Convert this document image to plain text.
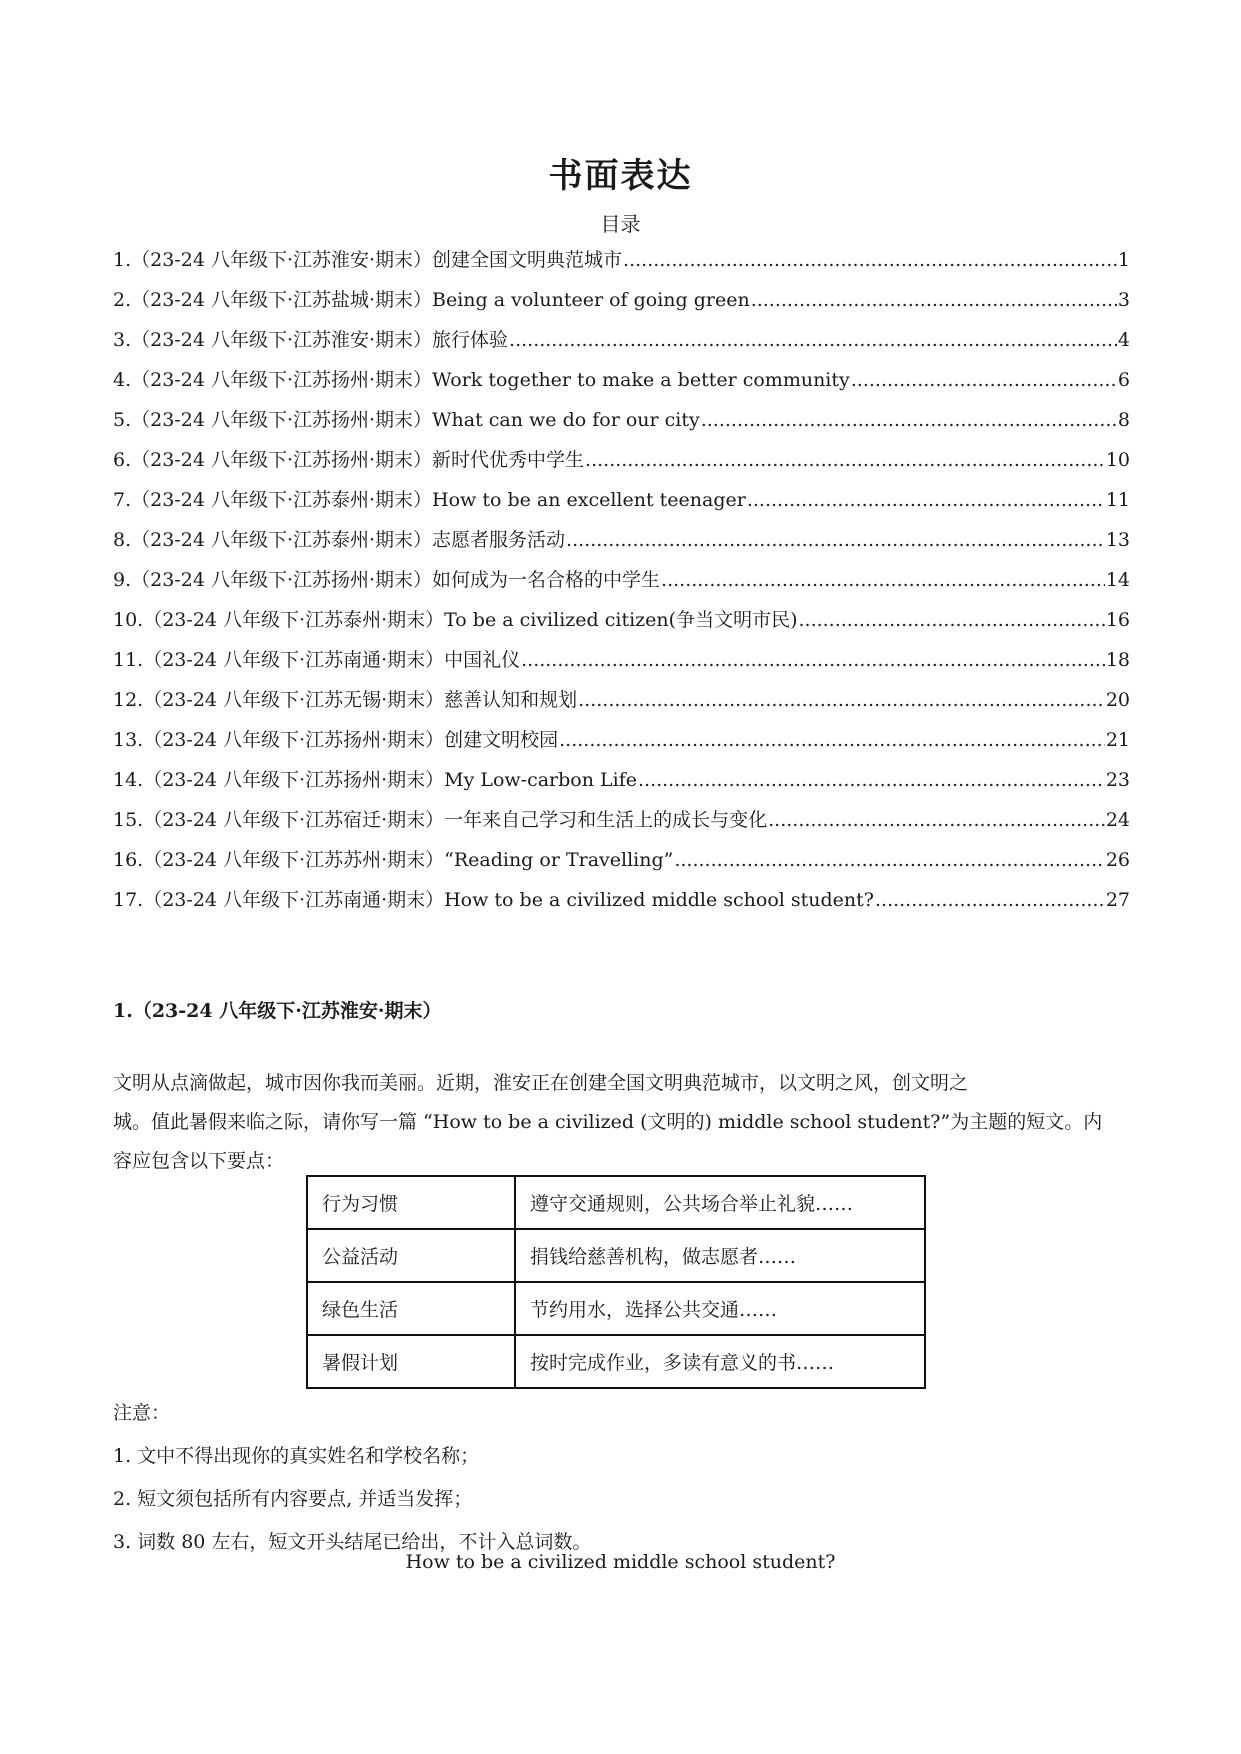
书面表达
目录
1.（23-24 八年级下·江苏淮安·期末）创建全国文明典范城市 .....	1
2.（23-24 八年级下·江苏盐城·期末）Being a volunteer of going green .....	3
3.（23-24 八年级下·江苏淮安·期末）旅行体验 .....	4
4.（23-24 八年级下·江苏扬州·期末）Work together to make a better community .....	6
5.（23-24 八年级下·江苏扬州·期末）What can we do for our city .....	8
6.（23-24 八年级下·江苏扬州·期末）新时代优秀中学生 .....	10
7.（23-24 八年级下·江苏泰州·期末）How to be an excellent teenager .....	11
8.（23-24 八年级下·江苏泰州·期末）志愿者服务活动 .....	13
9.（23-24 八年级下·江苏扬州·期末）如何成为一名合格的中学生 .....	14
10.（23-24 八年级下·江苏泰州·期末）To be a civilized citizen(争当文明市民) .....	16
11.（23-24 八年级下·江苏南通·期末）中国礼仪 .....	18
12.（23-24 八年级下·江苏无锡·期末）慈善认知和规划 .....	20
13.（23-24 八年级下·江苏扬州·期末）创建文明校园 .....	21
14.（23-24 八年级下·江苏扬州·期末）My Low-carbon Life .....	23
15.（23-24 八年级下·江苏宿迁·期末）一年来自己学习和生活上的成长与变化 .....	24
16.（23-24 八年级下·江苏苏州·期末）“Reading or Travelling” .....	26
17.（23-24 八年级下·江苏南通·期末）How to be a civilized middle school student? .....	27
1.（23-24 八年级下·江苏淮安·期末）
文明从点滴做起，城市因你我而美丽。近期，淮安正在创建全国文明典范城市，以文明之风，创文明之
城。值此暑假来临之际，请你写一篇 “How to be a civilized (文明的) middle school student?”为主题的短文。内
容应包含以下要点：
行为习惯	遵守交通规则，公共场合举止礼貌……
公益活动	捐钱给慈善机构，做志愿者……
绿色生活	节约用水，选择公共交通……
暑假计划	按时完成作业，多读有意义的书……
注意：
1. 文中不得出现你的真实姓名和学校名称；
2. 短文须包括所有内容要点, 并适当发挥；
3. 词数 80 左右，短文开头结尾已给出，不计入总词数。
How to be a civilized middle school student?
